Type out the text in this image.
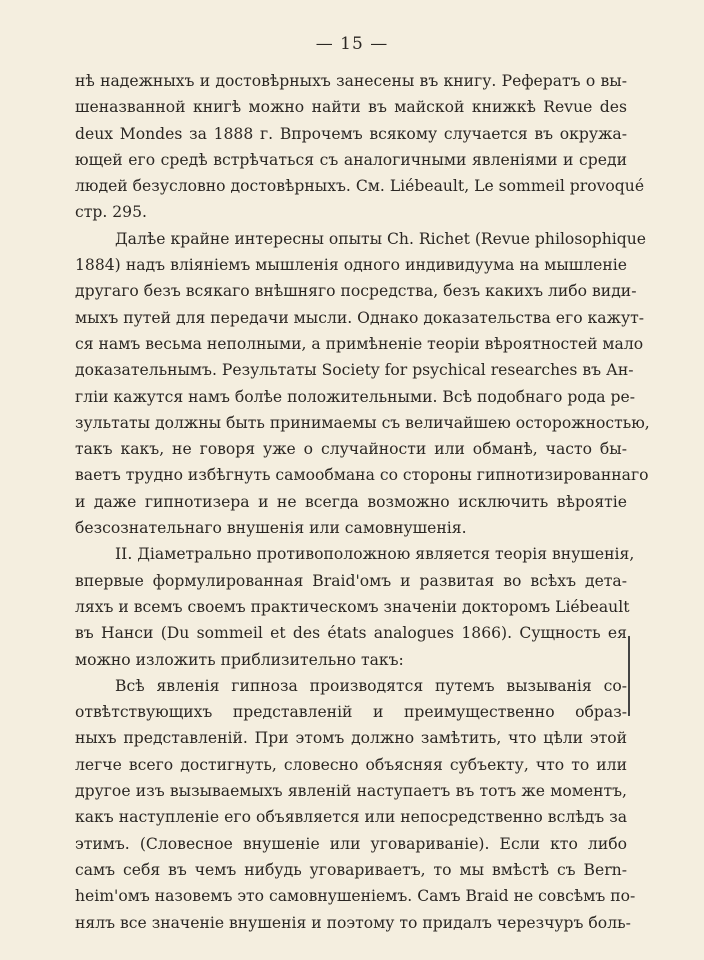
— 15 —
нѣ надежныхъ и достовѣрныхъ занесены въ книгу. Рефератъ о вы-
шеназванной книгѣ можно найти въ майской книжкѣ Revue des
deux Mondes за 1888 г. Впрочемъ всякому случается въ окружа-
ющей его средѣ встрѣчаться съ аналогичными явленіями и среди
людей безусловно достовѣрныхъ. См. Liébeault, Le sommeil provoqué
стр. 295.
Далѣе крайне интересны опыты Ch. Richet (Revue philosophique
1884) надъ вліяніемъ мышленія одного индивидуума на мышленіе
другаго безъ всякаго внѣшняго посредства, безъ какихъ либо види-
мыхъ путей для передачи мысли. Однако доказательства его кажут-
ся намъ весьма неполными, а примѣненіе теоріи вѣроятностей мало
доказательнымъ. Результаты Society for psychical researches въ Ан-
гліи кажутся намъ болѣе положительными. Всѣ подобнаго рода ре-
зультаты должны быть принимаемы съ величайшею осторожностью,
такъ какъ, не говоря уже о случайности или обманѣ, часто бы-
ваетъ трудно избѣгнуть самообмана со стороны гипнотизированнаго
и даже гипнотизера и не всегда возможно исключить вѣроятіе
безсознательнаго внушенія или самовнушенія.
II. Діаметрально противоположною является теорія внушенія,
впервые формулированная Braid'омъ и развитая во всѣхъ дета-
ляхъ и всемъ своемъ практическомъ значеніи докторомъ Liébeault
въ Нанси (Du sommeil et des états analogues 1866). Сущность ея
можно изложить приблизительно такъ:
Всѣ явленія гипноза производятся путемъ вызыванія со-
отвѣтствующихъ представленій и преимущественно образ-
ныхъ представленій. При этомъ должно замѣтить, что цѣли этой
легче всего достигнуть, словесно объясняя субъекту, что то или
другое изъ вызываемыхъ явленій наступаетъ въ тотъ же моментъ,
какъ наступленіе его объявляется или непосредственно вслѣдъ за
этимъ. (Словесное внушеніе или уговариваніе). Если кто либо
самъ себя въ чемъ нибудь уговариваетъ, то мы вмѣстѣ съ Bern-
heim'омъ назовемъ это самовнушеніемъ. Самъ Braid не совсѣмъ по-
нялъ все значеніе внушенія и поэтому то придалъ черезчуръ боль-
